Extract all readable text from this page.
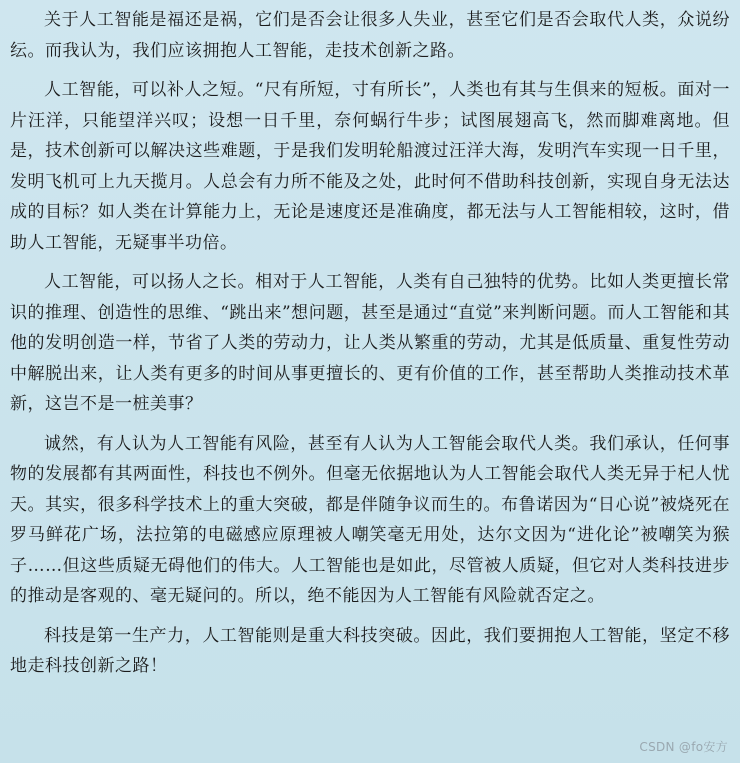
关于人工智能是福还是祸，它们是否会让很多人失业，甚至它们是否会取代人类，众说纷纭。而我认为，我们应该拥抱人工智能，走技术创新之路。

人工智能，可以补人之短。“尺有所短，寸有所长”，人类也有其与生俱来的短板。面对一片汪洋，只能望洋兴叹；设想一日千里，奈何蜗行牛步；试图展翅高飞，然而脚难离地。但是，技术创新可以解决这些难题，于是我们发明轮船渡过汪洋大海，发明汽车实现一日千里，发明飞机可上九天揽月。人总会有力所不能及之处，此时何不借助科技创新，实现自身无法达成的目标？如人类在计算能力上，无论是速度还是准确度，都无法与人工智能相较，这时，借助人工智能，无疑事半功倍。

人工智能，可以扬人之长。相对于人工智能，人类有自己独特的优势。比如人类更擅长常识的推理、创造性的思维、“跳出来”想问题，甚至是通过“直觉”来判断问题。而人工智能和其他的发明创造一样，节省了人类的劳动力，让人类从繁重的劳动，尤其是低质量、重复性劳动中解脱出来，让人类有更多的时间从事更擅长的、更有价值的工作，甚至帮助人类推动技术革新，这岂不是一桩美事？

诚然，有人认为人工智能有风险，甚至有人认为人工智能会取代人类。我们承认，任何事物的发展都有其两面性，科技也不例外。但毫无依据地认为人工智能会取代人类无异于杞人忧天。其实，很多科学技术上的重大突破，都是伴随争议而生的。布鲁诺因为“日心说”被烧死在罗马鲜花广场，法拉第的电磁感应原理被人嘲笑毫无用处，达尔文因为“进化论”被嘲笑为猴子……但这些质疑无碍他们的伟大。人工智能也是如此，尽管被人质疑，但它对人类科技进步的推动是客观的、毫无疑问的。所以，绝不能因为人工智能有风险就否定之。

科技是第一生产力，人工智能则是重大科技突破。因此，我们要拥抱人工智能，坚定不移地走科技创新之路！

CSDN @fo安方
